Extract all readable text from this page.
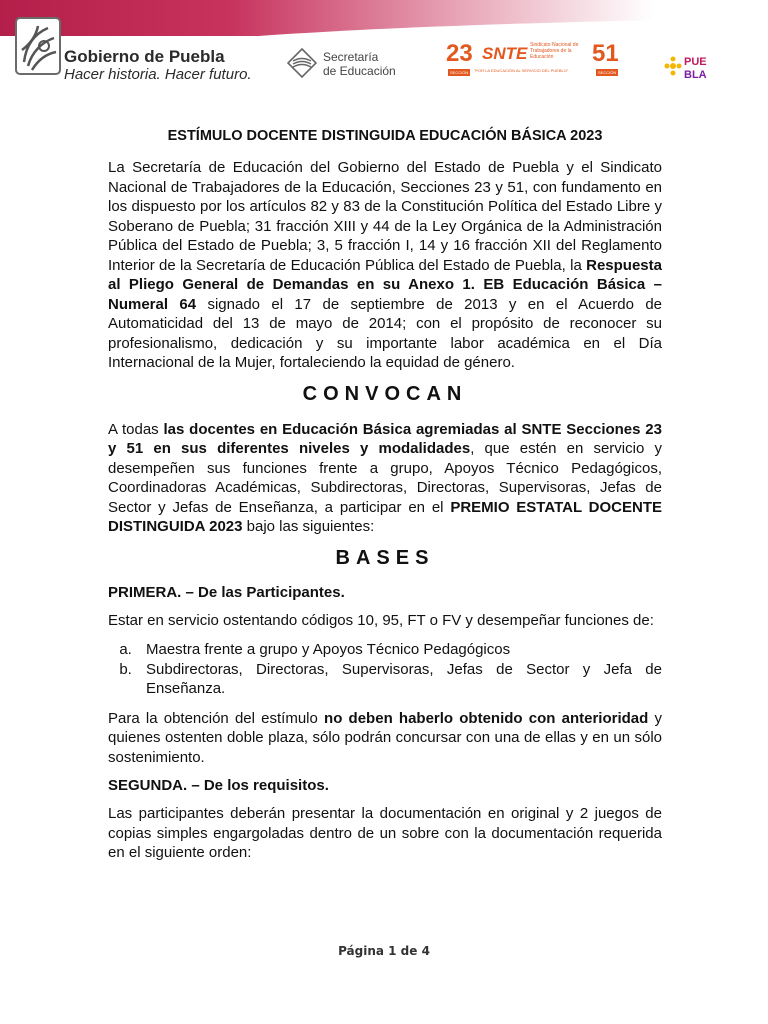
Gobierno de Puebla
Hacer historia. Hacer futuro.
Secretaría
de Educación
23
SECCIÓN
SNTE Sindicato Nacional de Trabajadores de la Educación
"POR LA EDUCACIÓN AL SERVICIO DEL PUEBLO"
51
SECCIÓN
PUE
BLA
ESTÍMULO DOCENTE DISTINGUIDA EDUCACIÓN BÁSICA 2023

La Secretaría de Educación del Gobierno del Estado de Puebla y el Sindicato Nacional de Trabajadores de la Educación, Secciones 23 y 51, con fundamento en los dispuesto por los artículos 82 y 83 de la Constitución Política del Estado Libre y Soberano de Puebla; 31 fracción XIII y 44 de la Ley Orgánica de la Administración Pública del Estado de Puebla; 3, 5 fracción I, 14 y 16 fracción XII del Reglamento Interior de la Secretaría de Educación Pública del Estado de Puebla, la Respuesta al Pliego General de Demandas en su Anexo 1. EB Educación Básica – Numeral 64 signado el 17 de septiembre de 2013 y en el Acuerdo de Automaticidad del 13 de mayo de 2014; con el propósito de reconocer su profesionalismo, dedicación y su importante labor académica en el Día Internacional de la Mujer, fortaleciendo la equidad de género.

CONVOCAN

A todas las docentes en Educación Básica agremiadas al SNTE Secciones 23 y 51 en sus diferentes niveles y modalidades, que estén en servicio y desempeñen sus funciones frente a grupo, Apoyos Técnico Pedagógicos, Coordinadoras Académicas, Subdirectoras, Directoras, Supervisoras, Jefas de Sector y Jefas de Enseñanza, a participar en el PREMIO ESTATAL DOCENTE DISTINGUIDA 2023 bajo las siguientes:

BASES
PRIMERA. – De las Participantes.

Estar en servicio ostentando códigos 10, 95, FT o FV y desempeñar funciones de:

a. Maestra frente a grupo y Apoyos Técnico Pedagógicos
b. Subdirectoras, Directoras, Supervisoras, Jefas de Sector y Jefa de Enseñanza.

Para la obtención del estímulo no deben haberlo obtenido con anterioridad y quienes ostenten doble plaza, sólo podrán concursar con una de ellas y en un sólo sostenimiento.

SEGUNDA. – De los requisitos.

Las participantes deberán presentar la documentación en original y 2 juegos de copias simples engargoladas dentro de un sobre con la documentación requerida en el siguiente orden:

Página 1 de 4
